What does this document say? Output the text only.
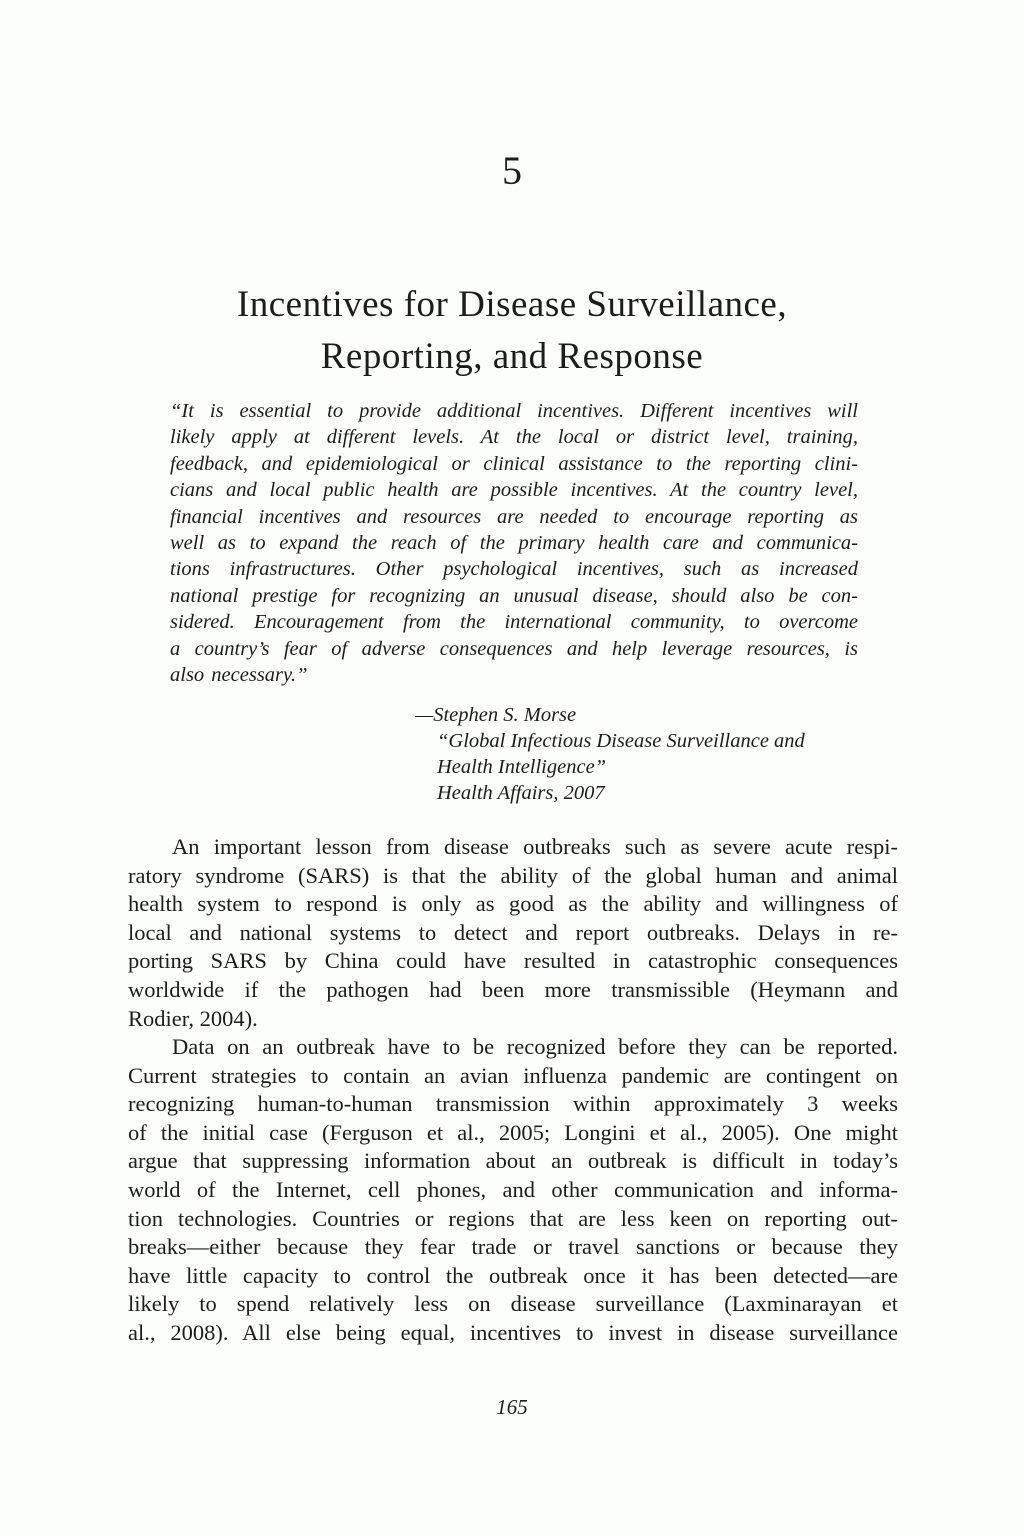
5
Incentives for Disease Surveillance,
Reporting, and Response
“It is essential to provide additional incentives. Different incentives will
likely apply at different levels. At the local or district level, training,
feedback, and epidemiological or clinical assistance to the reporting clini-
cians and local public health are possible incentives. At the country level,
financial incentives and resources are needed to encourage reporting as
well as to expand the reach of the primary health care and communica-
tions infrastructures. Other psychological incentives, such as increased
national prestige for recognizing an unusual disease, should also be con-
sidered. Encouragement from the international community, to overcome
a country’s fear of adverse consequences and help leverage resources, is
also necessary.”
—Stephen S. Morse
“Global Infectious Disease Surveillance and
Health Intelligence”
Health Affairs, 2007
An important lesson from disease outbreaks such as severe acute respi-
ratory syndrome (SARS) is that the ability of the global human and animal
health system to respond is only as good as the ability and willingness of
local and national systems to detect and report outbreaks. Delays in re-
porting SARS by China could have resulted in catastrophic consequences
worldwide if the pathogen had been more transmissible (Heymann and
Rodier, 2004).
Data on an outbreak have to be recognized before they can be reported.
Current strategies to contain an avian influenza pandemic are contingent on
recognizing human-to-human transmission within approximately 3 weeks
of the initial case (Ferguson et al., 2005; Longini et al., 2005). One might
argue that suppressing information about an outbreak is difficult in today’s
world of the Internet, cell phones, and other communication and informa-
tion technologies. Countries or regions that are less keen on reporting out-
breaks—either because they fear trade or travel sanctions or because they
have little capacity to control the outbreak once it has been detected—are
likely to spend relatively less on disease surveillance (Laxminarayan et
al., 2008). All else being equal, incentives to invest in disease surveillance
165
